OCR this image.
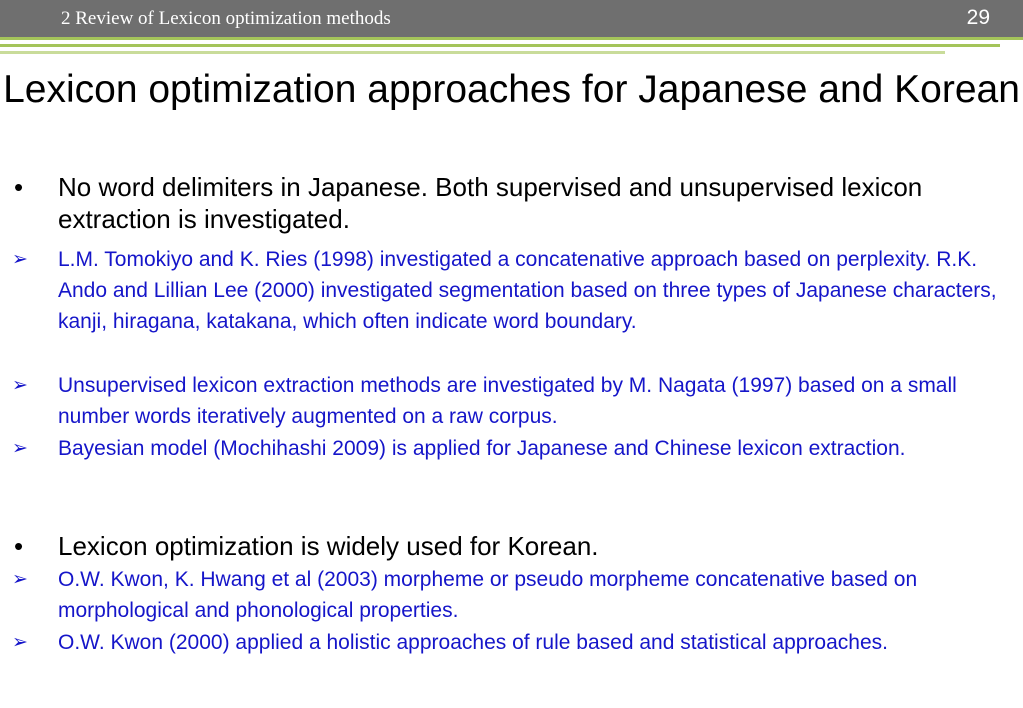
2 Review of Lexicon optimization methods	29
Lexicon optimization approaches for Japanese and Korean
• No word delimiters in Japanese. Both supervised and unsupervised lexicon extraction is investigated.
➢ L.M. Tomokiyo and K. Ries (1998) investigated a concatenative approach based on perplexity. R.K. Ando and Lillian Lee (2000) investigated segmentation based on three types of Japanese characters, kanji, hiragana, katakana, which often indicate word boundary.
➢ Unsupervised lexicon extraction methods are investigated by M. Nagata (1997) based on a small number words iteratively augmented on a raw corpus.
➢ Bayesian model (Mochihashi 2009) is applied for Japanese and Chinese lexicon extraction.
• Lexicon optimization is widely used for Korean.
➢ O.W. Kwon, K. Hwang et al (2003) morpheme or pseudo morpheme concatenative based on morphological and phonological properties.
➢ O.W. Kwon (2000) applied a holistic approaches of rule based and statistical approaches.
